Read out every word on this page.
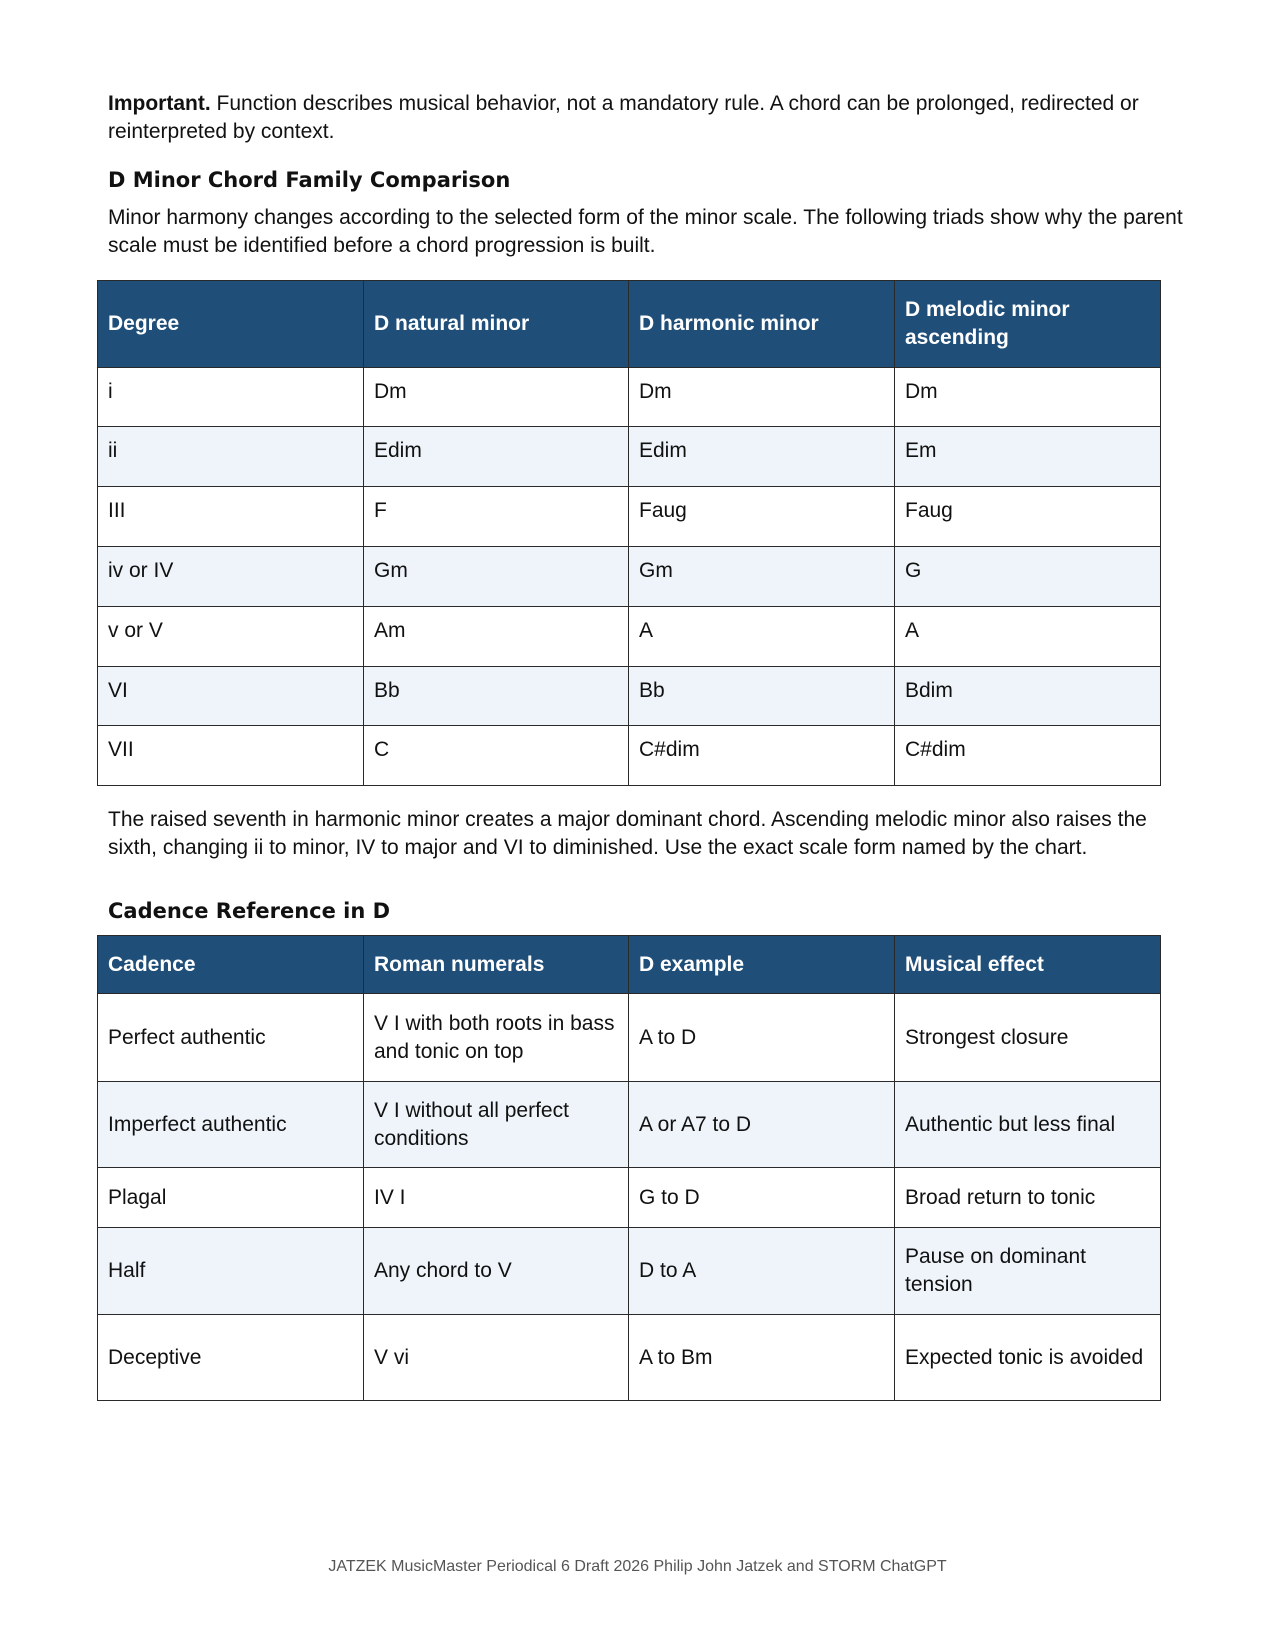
Important. Function describes musical behavior, not a mandatory rule. A chord can be prolonged, redirected or reinterpreted by context.

D Minor Chord Family Comparison

Minor harmony changes according to the selected form of the minor scale. The following triads show why the parent scale must be identified before a chord progression is built.

Degree	D natural minor	D harmonic minor	D melodic minor ascending
i	Dm	Dm	Dm
ii	Edim	Edim	Em
III	F	Faug	Faug
iv or IV	Gm	Gm	G
v or V	Am	A	A
VI	Bb	Bb	Bdim
VII	C	C#dim	C#dim

The raised seventh in harmonic minor creates a major dominant chord. Ascending melodic minor also raises the sixth, changing ii to minor, IV to major and VI to diminished. Use the exact scale form named by the chart.

Cadence Reference in D
Cadence	Roman numerals	D example	Musical effect
Perfect authentic	V I with both roots in bass and tonic on top	A to D	Strongest closure
Imperfect authentic	V I without all perfect conditions	A or A7 to D	Authentic but less final
Plagal	IV I	G to D	Broad return to tonic
Half	Any chord to V	D to A	Pause on dominant tension
Deceptive	V vi	A to Bm	Expected tonic is avoided
JATZEK MusicMaster Periodical 6 Draft 2026 Philip John Jatzek and STORM ChatGPT
